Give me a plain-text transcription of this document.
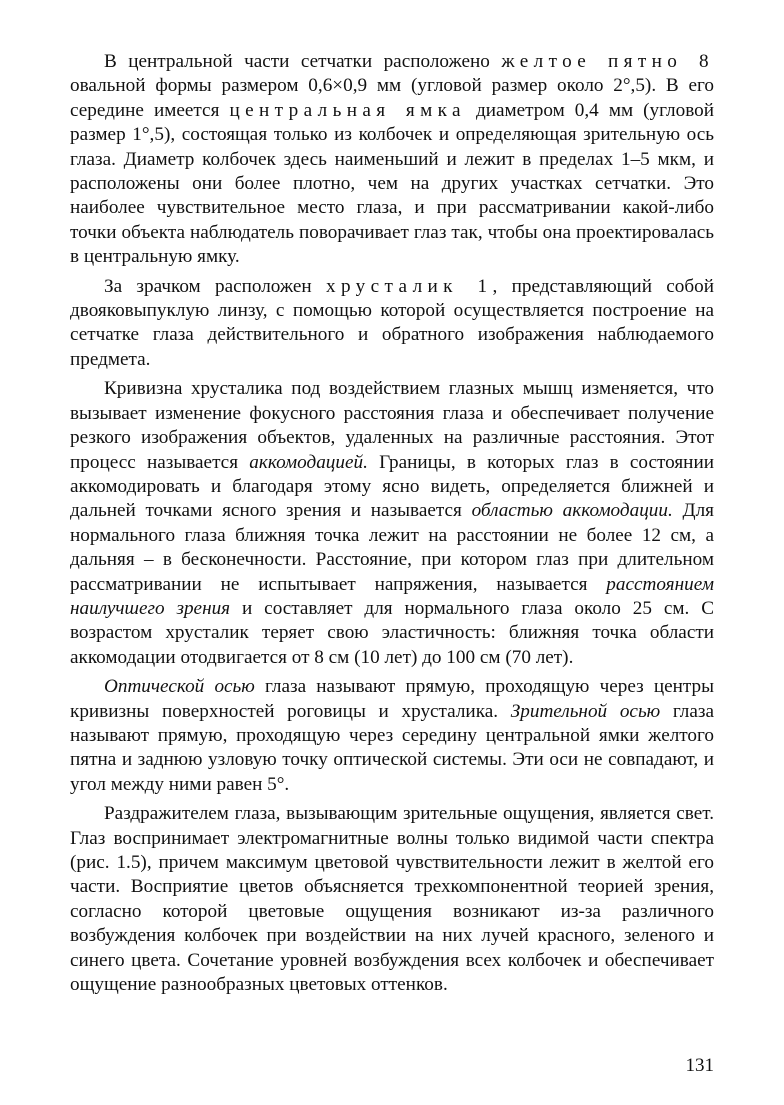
В центральной части сетчатки расположено желтое пятно 8 овальной формы размером 0,6×0,9 мм (угловой размер около 2°,5). В его середине имеется центральная ямка диаметром 0,4 мм (угловой размер 1°,5), состоящая только из колбочек и определяющая зрительную ось глаза. Диаметр колбочек здесь наименьший и лежит в пределах 1–5 мкм, и расположены они более плотно, чем на других участках сетчатки. Это наиболее чувствительное место глаза, и при рассматривании какой-либо точки объекта наблюдатель поворачивает глаз так, чтобы она проектировалась в центральную ямку.

За зрачком расположен хрусталик 1, представляющий собой двояковыпуклую линзу, с помощью которой осуществляется построение на сетчатке глаза действительного и обратного изображения наблюдаемого предмета.

Кривизна хрусталика под воздействием глазных мышц изменяется, что вызывает изменение фокусного расстояния глаза и обеспечивает получение резкого изображения объектов, удаленных на различные расстояния. Этот процесс называется аккомодацией. Границы, в которых глаз в состоянии аккомодировать и благодаря этому ясно видеть, определяется ближней и дальней точками ясного зрения и называется областью аккомодации. Для нормального глаза ближняя точка лежит на расстоянии не более 12 см, а дальняя – в бесконечности. Расстояние, при котором глаз при длительном рассматривании не испытывает напряжения, называется расстоянием наилучшего зрения и составляет для нормального глаза около 25 см. С возрастом хрусталик теряет свою эластичность: ближняя точка области аккомодации отодвигается от 8 см (10 лет) до 100 см (70 лет).

Оптической осью глаза называют прямую, проходящую через центры кривизны поверхностей роговицы и хрусталика. Зрительной осью глаза называют прямую, проходящую через середину центральной ямки желтого пятна и заднюю узловую точку оптической системы. Эти оси не совпадают, и угол между ними равен 5°.

Раздражителем глаза, вызывающим зрительные ощущения, является свет. Глаз воспринимает электромагнитные волны только видимой части спектра (рис. 1.5), причем максимум цветовой чувствительности лежит в желтой его части. Восприятие цветов объясняется трехкомпонентной теорией зрения, согласно которой цветовые ощущения возникают из-за различного возбуждения колбочек при воздействии на них лучей красного, зеленого и синего цвета. Сочетание уровней возбуждения всех колбочек и обеспечивает ощущение разнообразных цветовых оттенков.

131
